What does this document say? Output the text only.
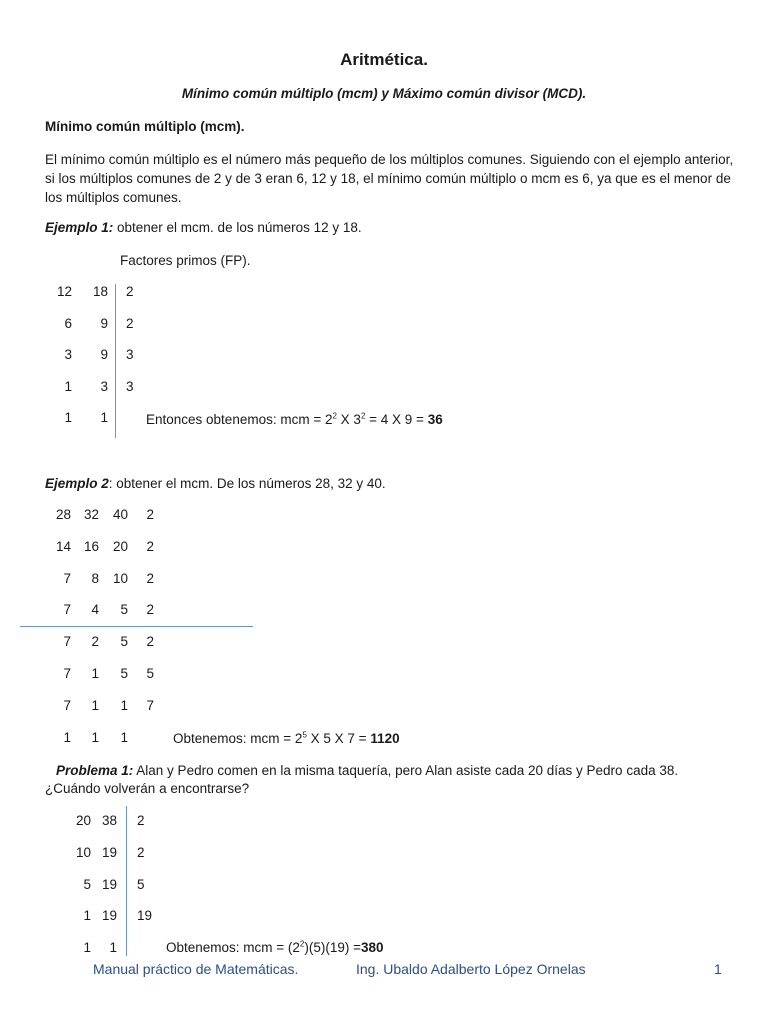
Aritmética.
Mínimo común múltiplo (mcm) y Máximo común divisor (MCD).
Mínimo común múltiplo (mcm).
El mínimo común múltiplo es el número más pequeño de los múltiplos comunes. Siguiendo con el ejemplo anterior, si los múltiplos comunes de 2 y de 3 eran 6, 12 y 18, el mínimo común múltiplo o mcm es 6, ya que es el menor de los múltiplos comunes.
Ejemplo 1: obtener el mcm. de los números 12 y 18.
Factores primos (FP).
12	18 2
6	9 2
3	9 3
1	3 3
1	1	Entonces obtenemos: mcm = $2^2$ X $3^2 = 4$ X 9 = 36
Ejemplo 2: obtener el mcm. De los números 28, 32 y 40.
28 32	40	2
14 16	20	2
7	8	10	2
7	4	5	2
7	2	5	2
7	1	5	5
7	1	1	7
1	1	1	Obtenemos: mcm = $2^5$ X 5 X 7 = 1120
Problema 1: Alan y Pedro comen en la misma taquería, pero Alan asiste cada 20 días y Pedro cada 38.
¿Cuándo volverán a encontrarse?
20 38 2
10 19 2
5 19 5
1 19 19
1	1	Obtenemos: mcm = $(2^2)(5)(19) =380$
Manual práctico de Matemáticas.	Ing. Ubaldo Adalberto López Ornelas	1
